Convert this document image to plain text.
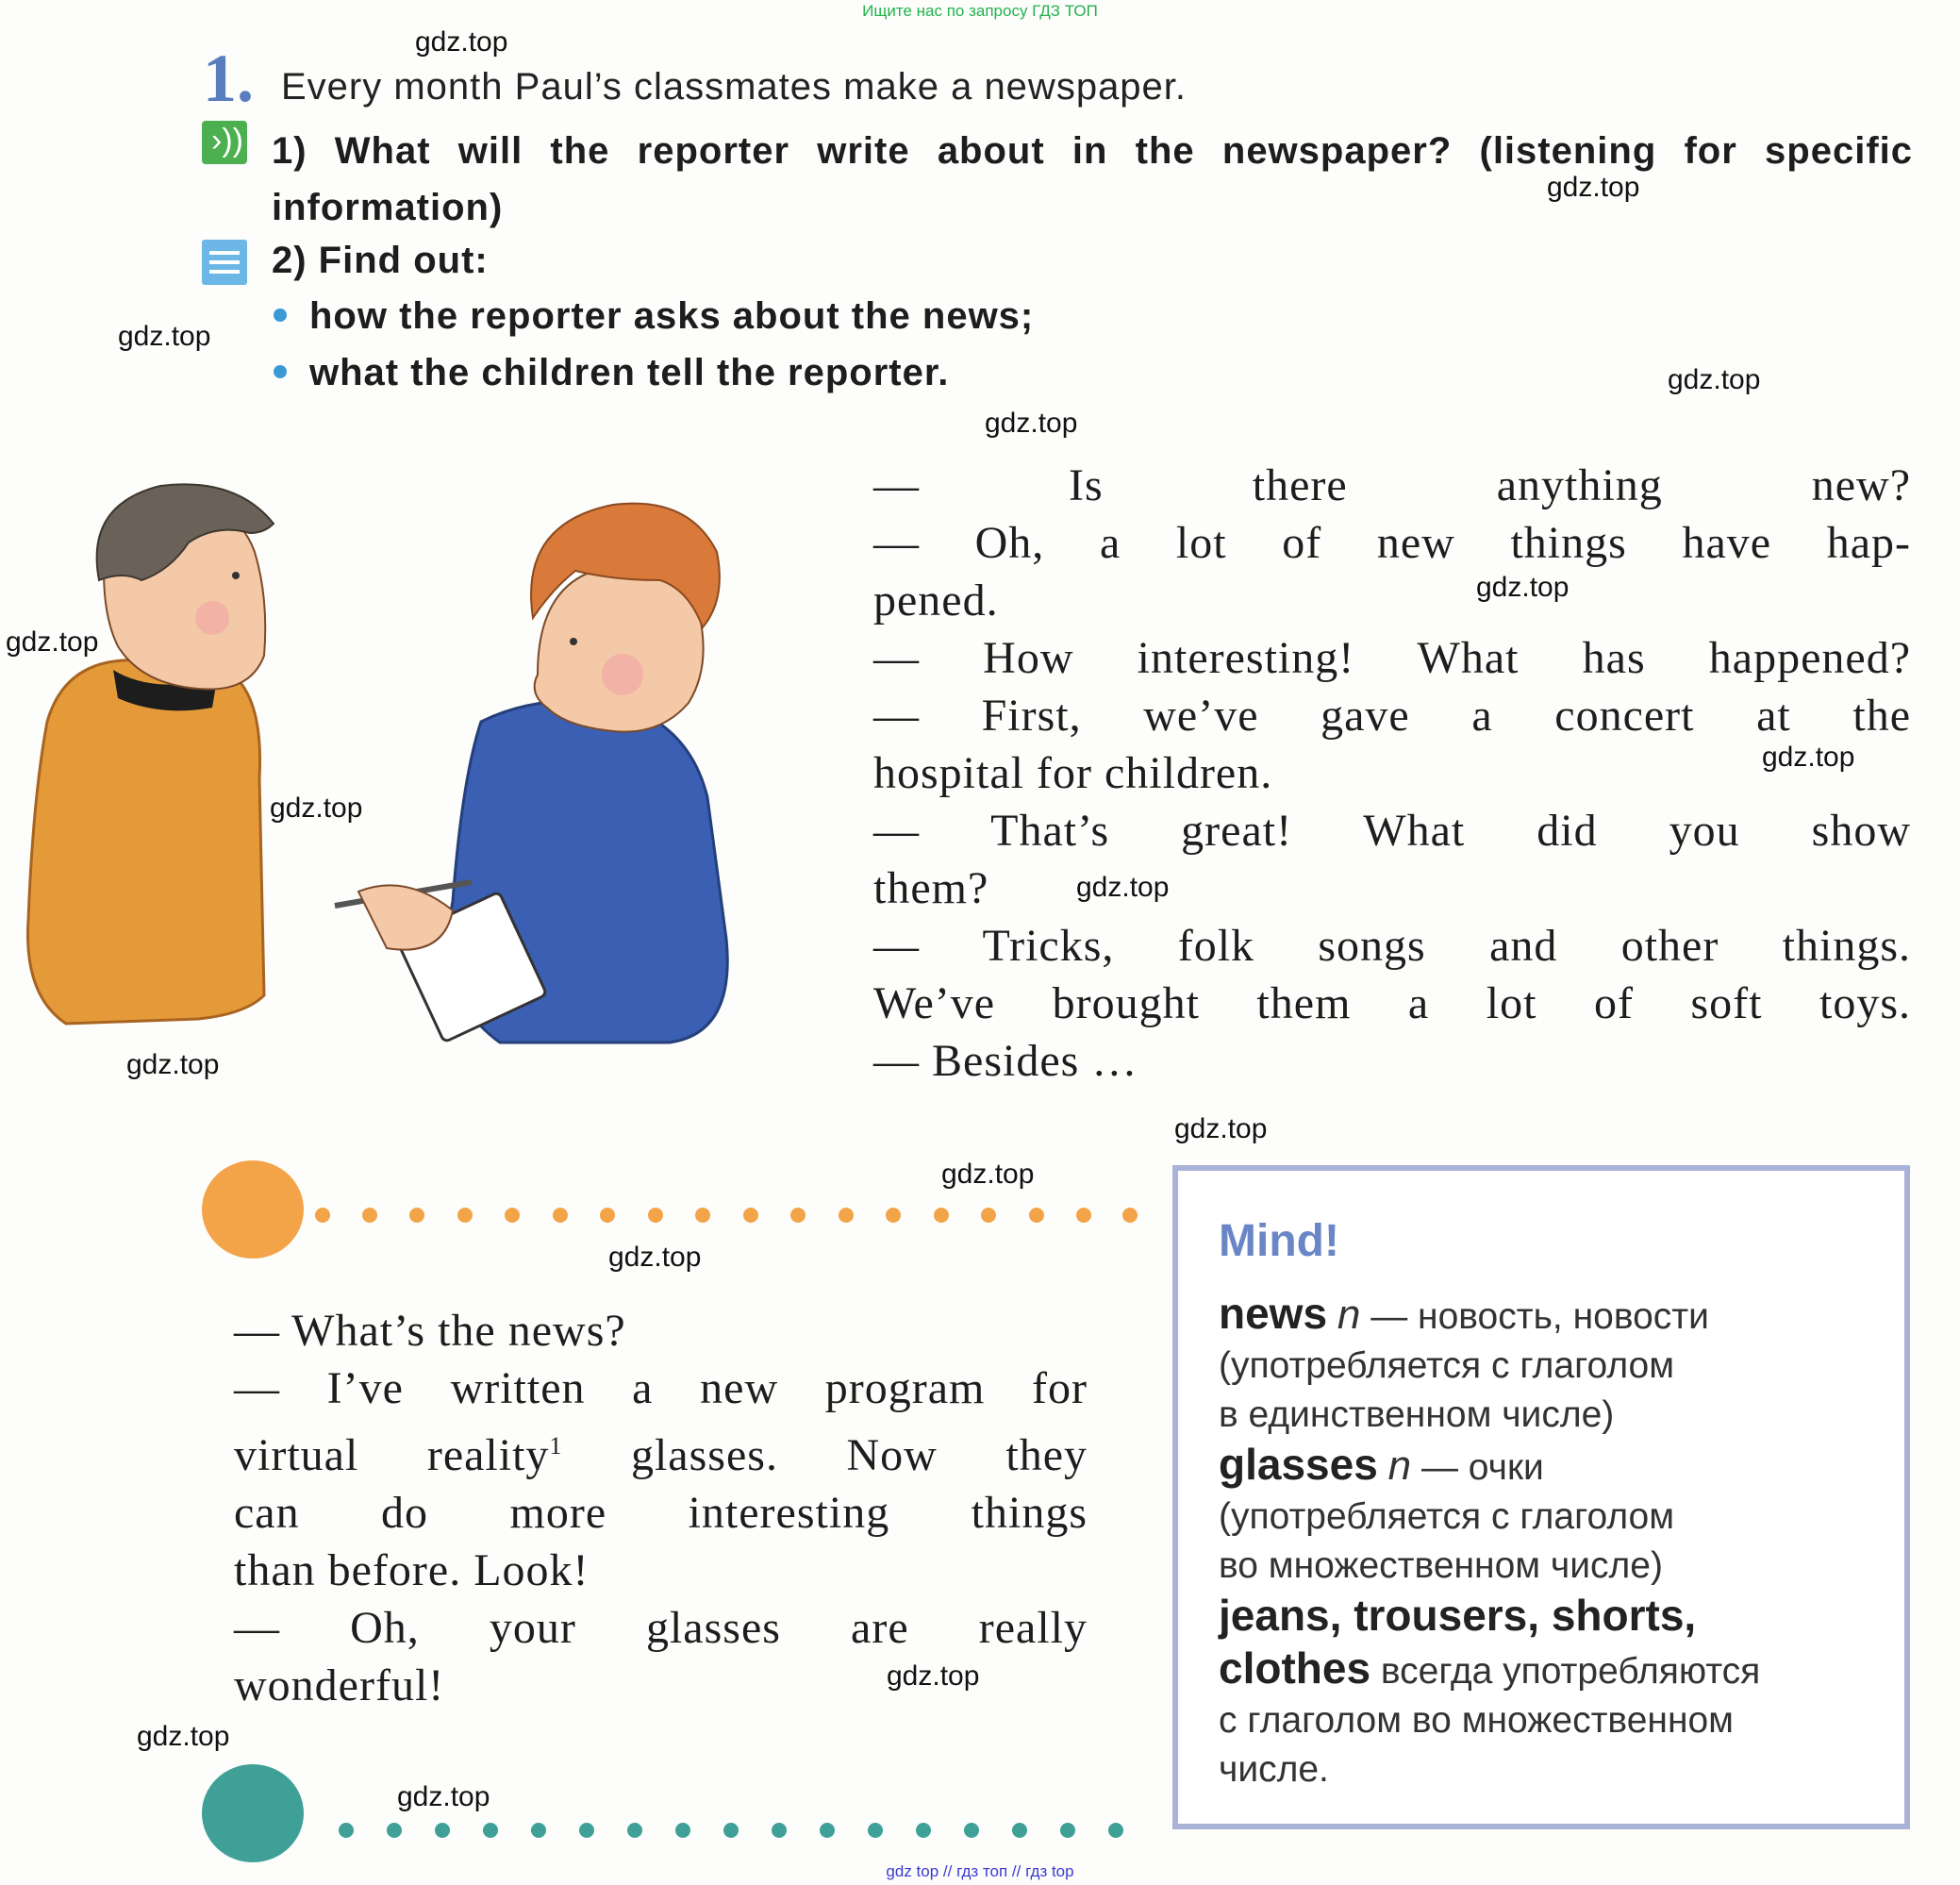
Ищите нас по запросу ГДЗ ТОП
gdz.top
gdz.top
gdz.top
gdz.top
gdz.top
gdz.top
gdz.top
gdz.top
gdz.top
gdz.top
gdz.top
gdz.top
gdz.top
gdz.top
gdz.top
gdz.top
gdz.top
1. Every month Paul’s classmates make a newspaper.
›)) 1) What will the reporter write about in the newspaper? (listening for specific information)
2) Find out:
how the reporter asks about the news;
what the children tell the reporter.

— Is there anything new?

— Oh, a lot of new things have hap-

pened.

— How interesting! What has happened?

— First, we’ve gave a concert at the

hospital for children.

— That’s great! What did you show

them?

— Tricks, folk songs and other things.

We’ve brought them a lot of soft toys.

— Besides …

— What’s the news?

— I’ve written a new program for

virtual reality$^1$ glasses. Now they

can do more interesting things

than before. Look!

— Oh, your glasses are really

wonderful!

Mind!
news n — новость, новости
(употребляется с глаголом
в единственном числе)
glasses n — очки
(употребляется с глаголом
во множественном числе)
jeans, trousers, shorts,
clothes всегда употребляются
с глаголом во множественном
числе.
gdz top // гдз топ // гдз top
